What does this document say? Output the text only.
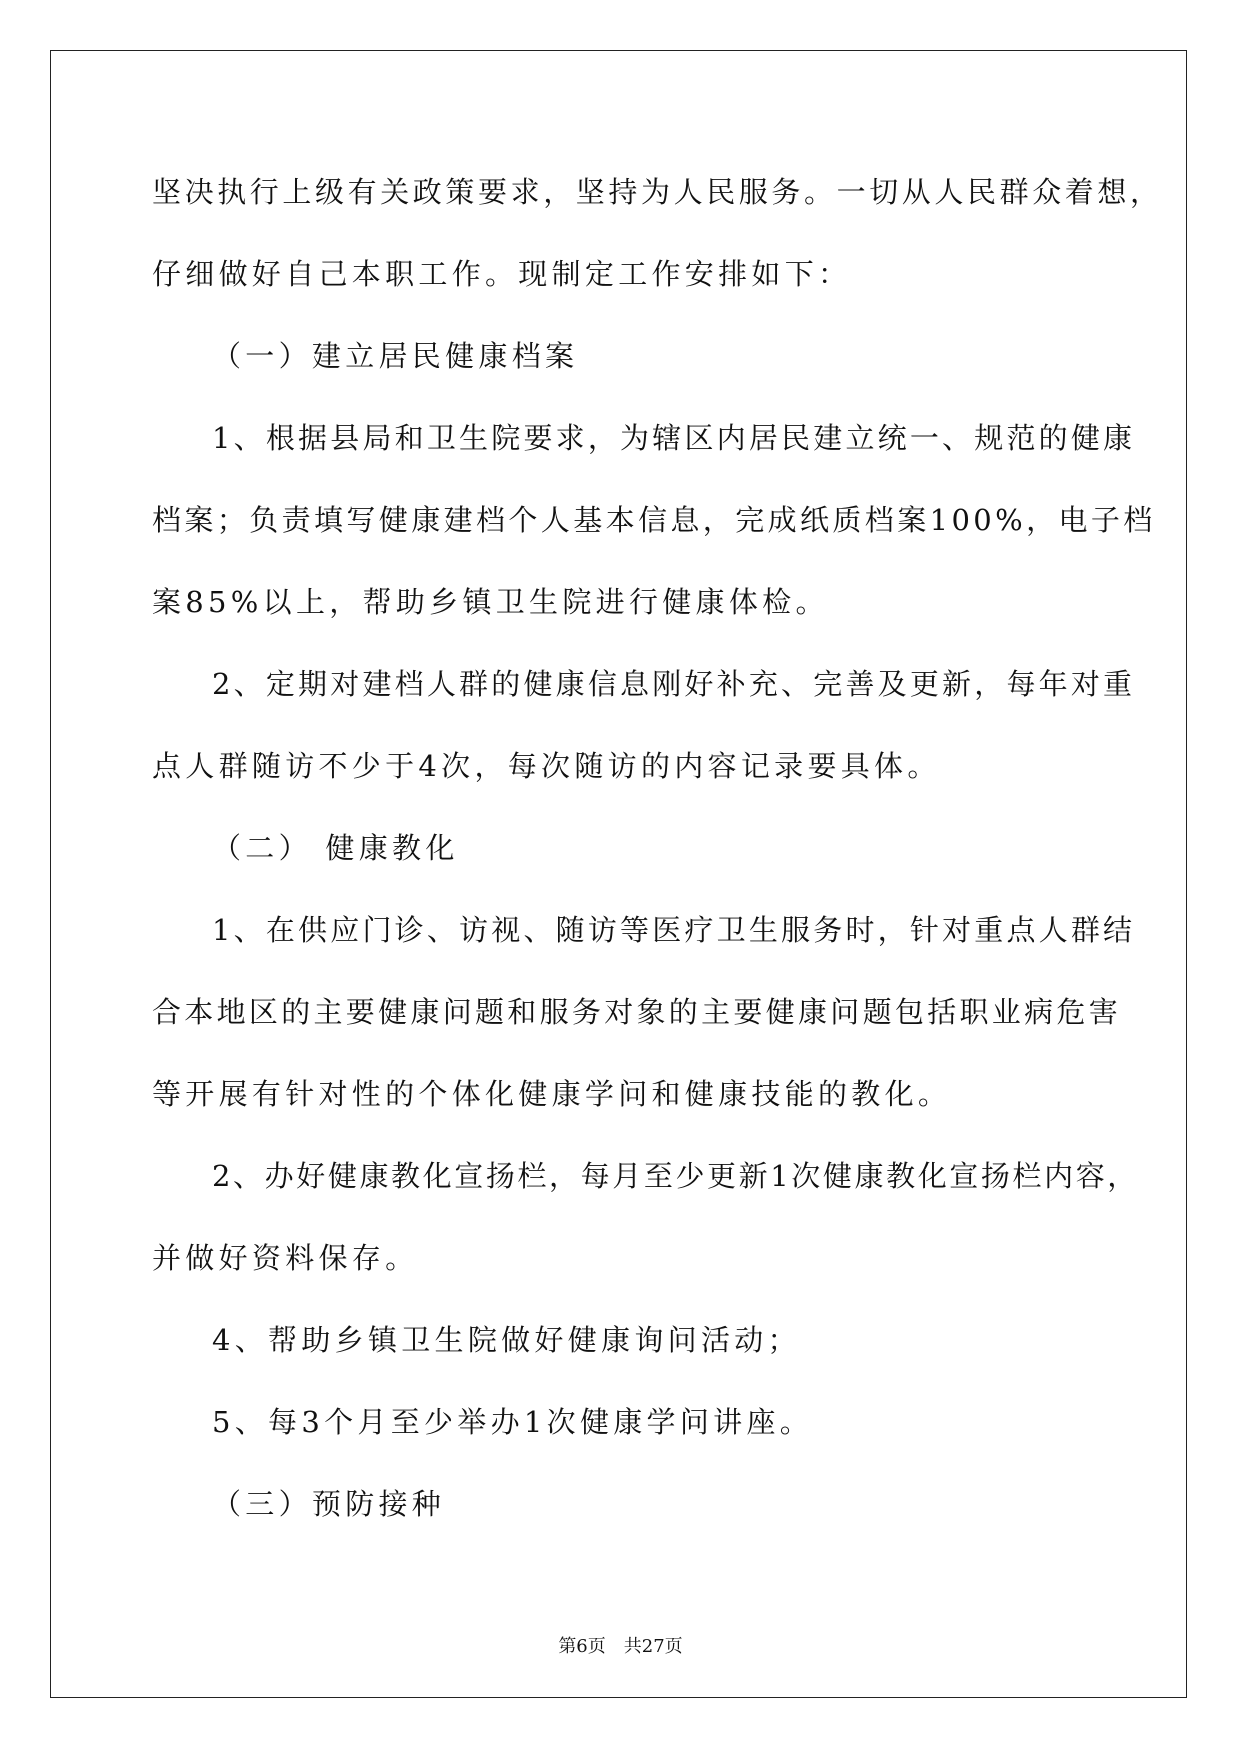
坚决执行上级有关政策要求，坚持为人民服务。一切从人民群众着想，

仔细做好自己本职工作。现制定工作安排如下：

（一）建立居民健康档案

1、根据县局和卫生院要求，为辖区内居民建立统一、规范的健康

档案；负责填写健康建档个人基本信息，完成纸质档案100%，电子档

案85%以上，帮助乡镇卫生院进行健康体检。

2、定期对建档人群的健康信息刚好补充、完善及更新，每年对重

点人群随访不少于4次，每次随访的内容记录要具体。

（二） 健康教化

1、在供应门诊、访视、随访等医疗卫生服务时，针对重点人群结

合本地区的主要健康问题和服务对象的主要健康问题包括职业病危害

等开展有针对性的个体化健康学问和健康技能的教化。

2、办好健康教化宣扬栏，每月至少更新1次健康教化宣扬栏内容，

并做好资料保存。

4、帮助乡镇卫生院做好健康询问活动；

5、每3个月至少举办1次健康学问讲座。

（三）预防接种

第6页　共27页
